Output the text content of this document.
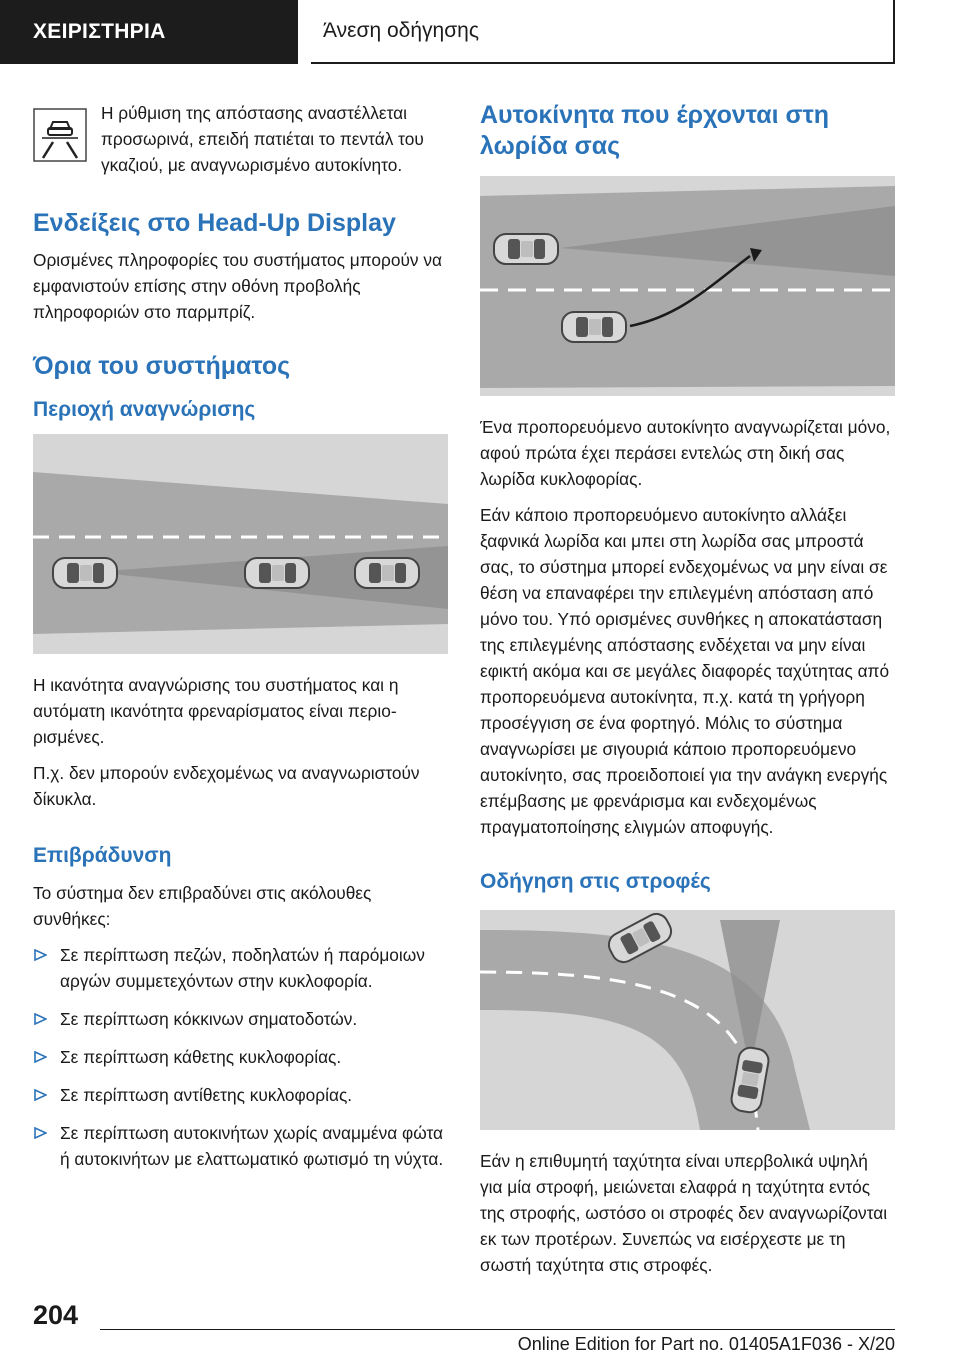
ΧΕΙΡΙΣΤΗΡΙΑ	Άνεση οδήγησης

Η ρύθμιση της απόστασης αναστέλλεται προσωρινά, επειδή πατιέται το πεντάλ του γκαζιού, με αναγνωρισμένο αυτοκίνητο.

Ενδείξεις στο Head-Up Display

Ορισμένες πληροφορίες του συστήματος μπορούν να εμφανιστούν επίσης στην οθόνη προβολής πληροφοριών στο παρμπρίζ.

Όρια του συστήματος
Περιοχή αναγνώρισης

Η ικανότητα αναγνώρισης του συστήματος και η αυτόματη ικανότητα φρεναρίσματος είναι περιορισμένες.

Π.χ. δεν μπορούν ενδεχομένως να αναγνωριστούν δίκυκλα.

Επιβράδυνση

Το σύστημα δεν επιβραδύνει στις ακόλουθες συνθήκες:

Σε περίπτωση πεζών, ποδηλατών ή παρόμοιων αργών συμμετεχόντων στην κυκλοφορία.
Σε περίπτωση κόκκινων σηματοδοτών.
Σε περίπτωση κάθετης κυκλοφορίας.
Σε περίπτωση αντίθετης κυκλοφορίας.
Σε περίπτωση αυτοκινήτων χωρίς αναμμένα φώτα ή αυτοκινήτων με ελαττωματικό φωτισμό τη νύχτα.
Αυτοκίνητα που έρχονται στη λωρίδα σας

Ένα προπορευόμενο αυτοκίνητο αναγνωρίζεται μόνο, αφού πρώτα έχει περάσει εντελώς στη δική σας λωρίδα κυκλοφορίας.

Εάν κάποιο προπορευόμενο αυτοκίνητο αλλάξει ξαφνικά λωρίδα και μπει στη λωρίδα σας μπροστά σας, το σύστημα μπορεί ενδεχομένως να μην είναι σε θέση να επαναφέρει την επιλεγμένη απόσταση από μόνο του. Υπό ορισμένες συνθήκες η αποκατάσταση της επιλεγμένης απόστασης ενδέχεται να μην είναι εφικτή ακόμα και σε μεγάλες διαφορές ταχύτητας από προπορευόμενα αυτοκίνητα, π.χ. κατά τη γρήγορη προσέγγιση σε ένα φορτηγό. Μόλις το σύστημα αναγνωρίσει με σιγουριά κάποιο προπορευόμενο αυτοκίνητο, σας προειδοποιεί για την ανάγκη ενεργής επέμβασης με φρενάρισμα και ενδεχομένως πραγματοποίησης ελιγμών αποφυγής.

Οδήγηση στις στροφές

Εάν η επιθυμητή ταχύτητα είναι υπερβολικά υψηλή για μία στροφή, μειώνεται ελαφρά η ταχύτητα εντός της στροφής, ωστόσο οι στροφές δεν αναγνωρίζονται εκ των προτέρων. Συνεπώς να εισέρχεστε με τη σωστή ταχύτητα στις στροφές.

204
Online Edition for Part no. 01405A1F036 - X/20
